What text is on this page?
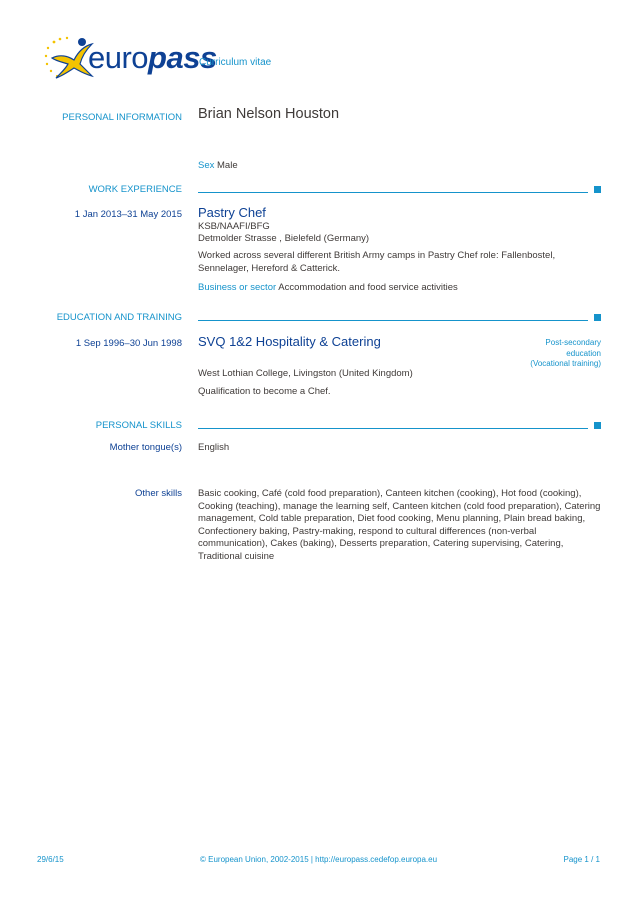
europass
Curriculum vitae
PERSONAL INFORMATION Brian Nelson Houston
Sex Male
WORK EXPERIENCE
1 Jan 2013–31 May 2015 Pastry Chef
KSB/NAAFI/BFG
Detmolder Strasse , Bielefeld (Germany)
Worked across several different British Army camps in Pastry Chef role: Fallenbostel, Sennelager, Hereford & Catterick.
Business or sector Accommodation and food service activities
EDUCATION AND TRAINING
1 Sep 1996–30 Jun 1998 SVQ 1&2 Hospitality & Catering	Post-secondary
education
(Vocational training)
West Lothian College, Livingston (United Kingdom)
Qualification to become a Chef.
PERSONAL SKILLS
Mother tongue(s) English
Other skills Basic cooking, Café (cold food preparation), Canteen kitchen (cooking), Hot food (cooking), Cooking (teaching), manage the learning self, Canteen kitchen (cold food preparation), Catering management, Cold table preparation, Diet food cooking, Menu planning, Plain bread baking, Confectionery baking, Pastry-making, respond to cultural differences (non-verbal communication), Cakes (baking), Desserts preparation, Catering supervising, Catering, Traditional cuisine
29/6/15	© European Union, 2002-2015 | http://europass.cedefop.europa.eu	Page 1 / 1
